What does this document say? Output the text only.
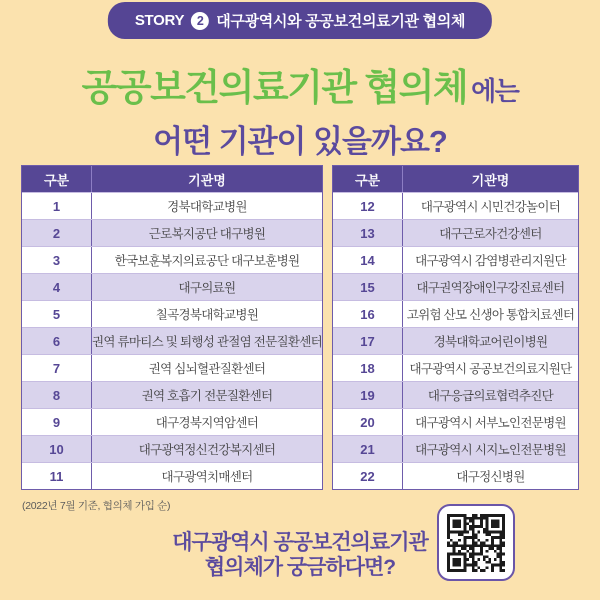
STORY 2 대구광역시와 공공보건의료기관 협의체
공공보건의료기관 협의체 에는
어떤 기관이 있을까요?
구분	기관명
1	경북대학교병원
2	근로복지공단 대구병원
3	한국보훈복지의료공단 대구보훈병원
4	대구의료원
5	칠곡경북대학교병원
6	권역 류마티스 및 퇴행성 관절염 전문질환센터
7	권역 심뇌혈관질환센터
8	권역 호흡기 전문질환센터
9	대구경북지역암센터
10	대구광역정신건강복지센터
11	대구광역치매센터
구분	기관명
12	대구광역시 시민건강놀이터
13	대구근로자건강센터
14	대구광역시 감염병관리지원단
15	대구권역장애인구강진료센터
16	고위험 산모 신생아 통합치료센터
17	경북대학교어린이병원
18	대구광역시 공공보건의료지원단
19	대구응급의료협력추진단
20	대구광역시 서부노인전문병원
21	대구광역시 시지노인전문병원
22	대구정신병원
(2022년 7월 기준, 협의체 가입 순)
대구광역시 공공보건의료기관
협의체가 궁금하다면?
